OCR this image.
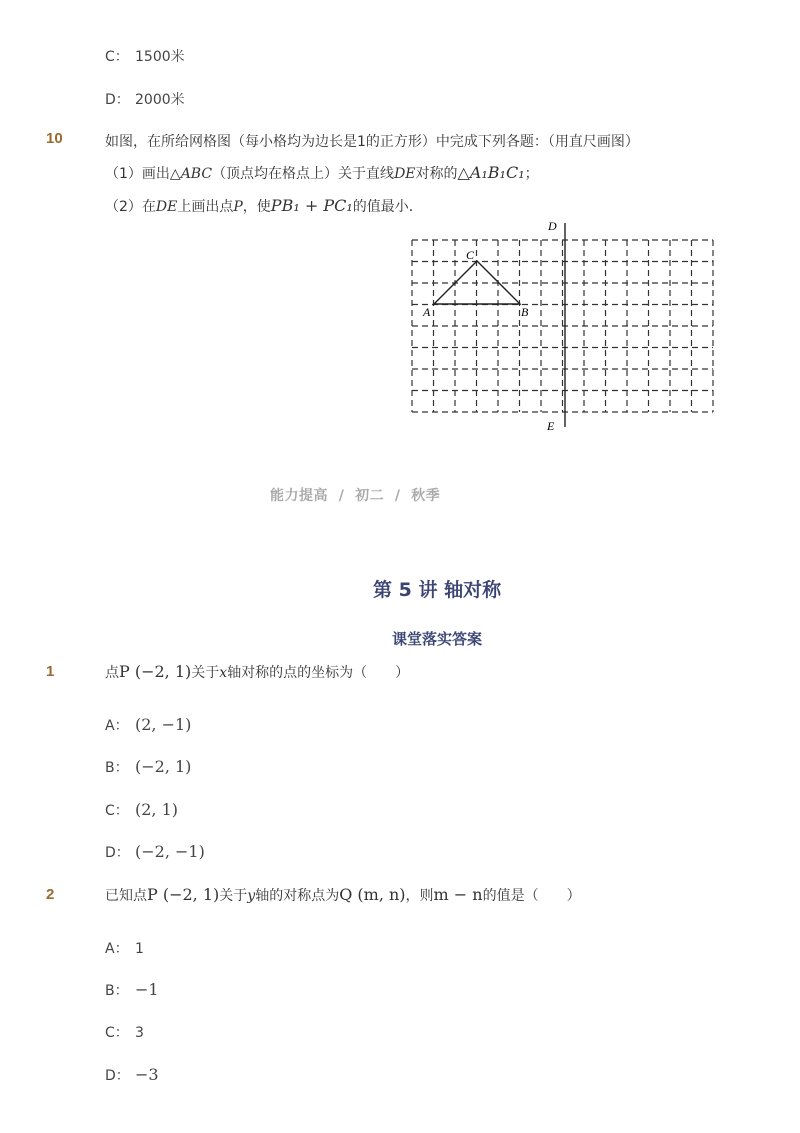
C： 1500米
D： 2000米
10	如图，在所给网格图（每小格均为边长是1的正方形）中完成下列各题：（用直尺画图）
（1）画出△ABC（顶点均在格点上）关于直线DE对称的△A₁B₁C₁；
（2）在DE上画出点P，使PB₁ + PC₁的值最小．
D
E
A	B
C
能力提高 / 初二 / 秋季
第 5 讲 轴对称
课堂落实答案
1	点P (−2, 1)关于x轴对称的点的坐标为（　　）
A： (2, −1)
B： (−2, 1)
C： (2, 1)
D： (−2, −1)
2	已知点P (−2, 1)关于y轴的对称点为Q (m, n)，则m − n的值是（　　）
A： 1
B： −1
C： 3
D： −3
